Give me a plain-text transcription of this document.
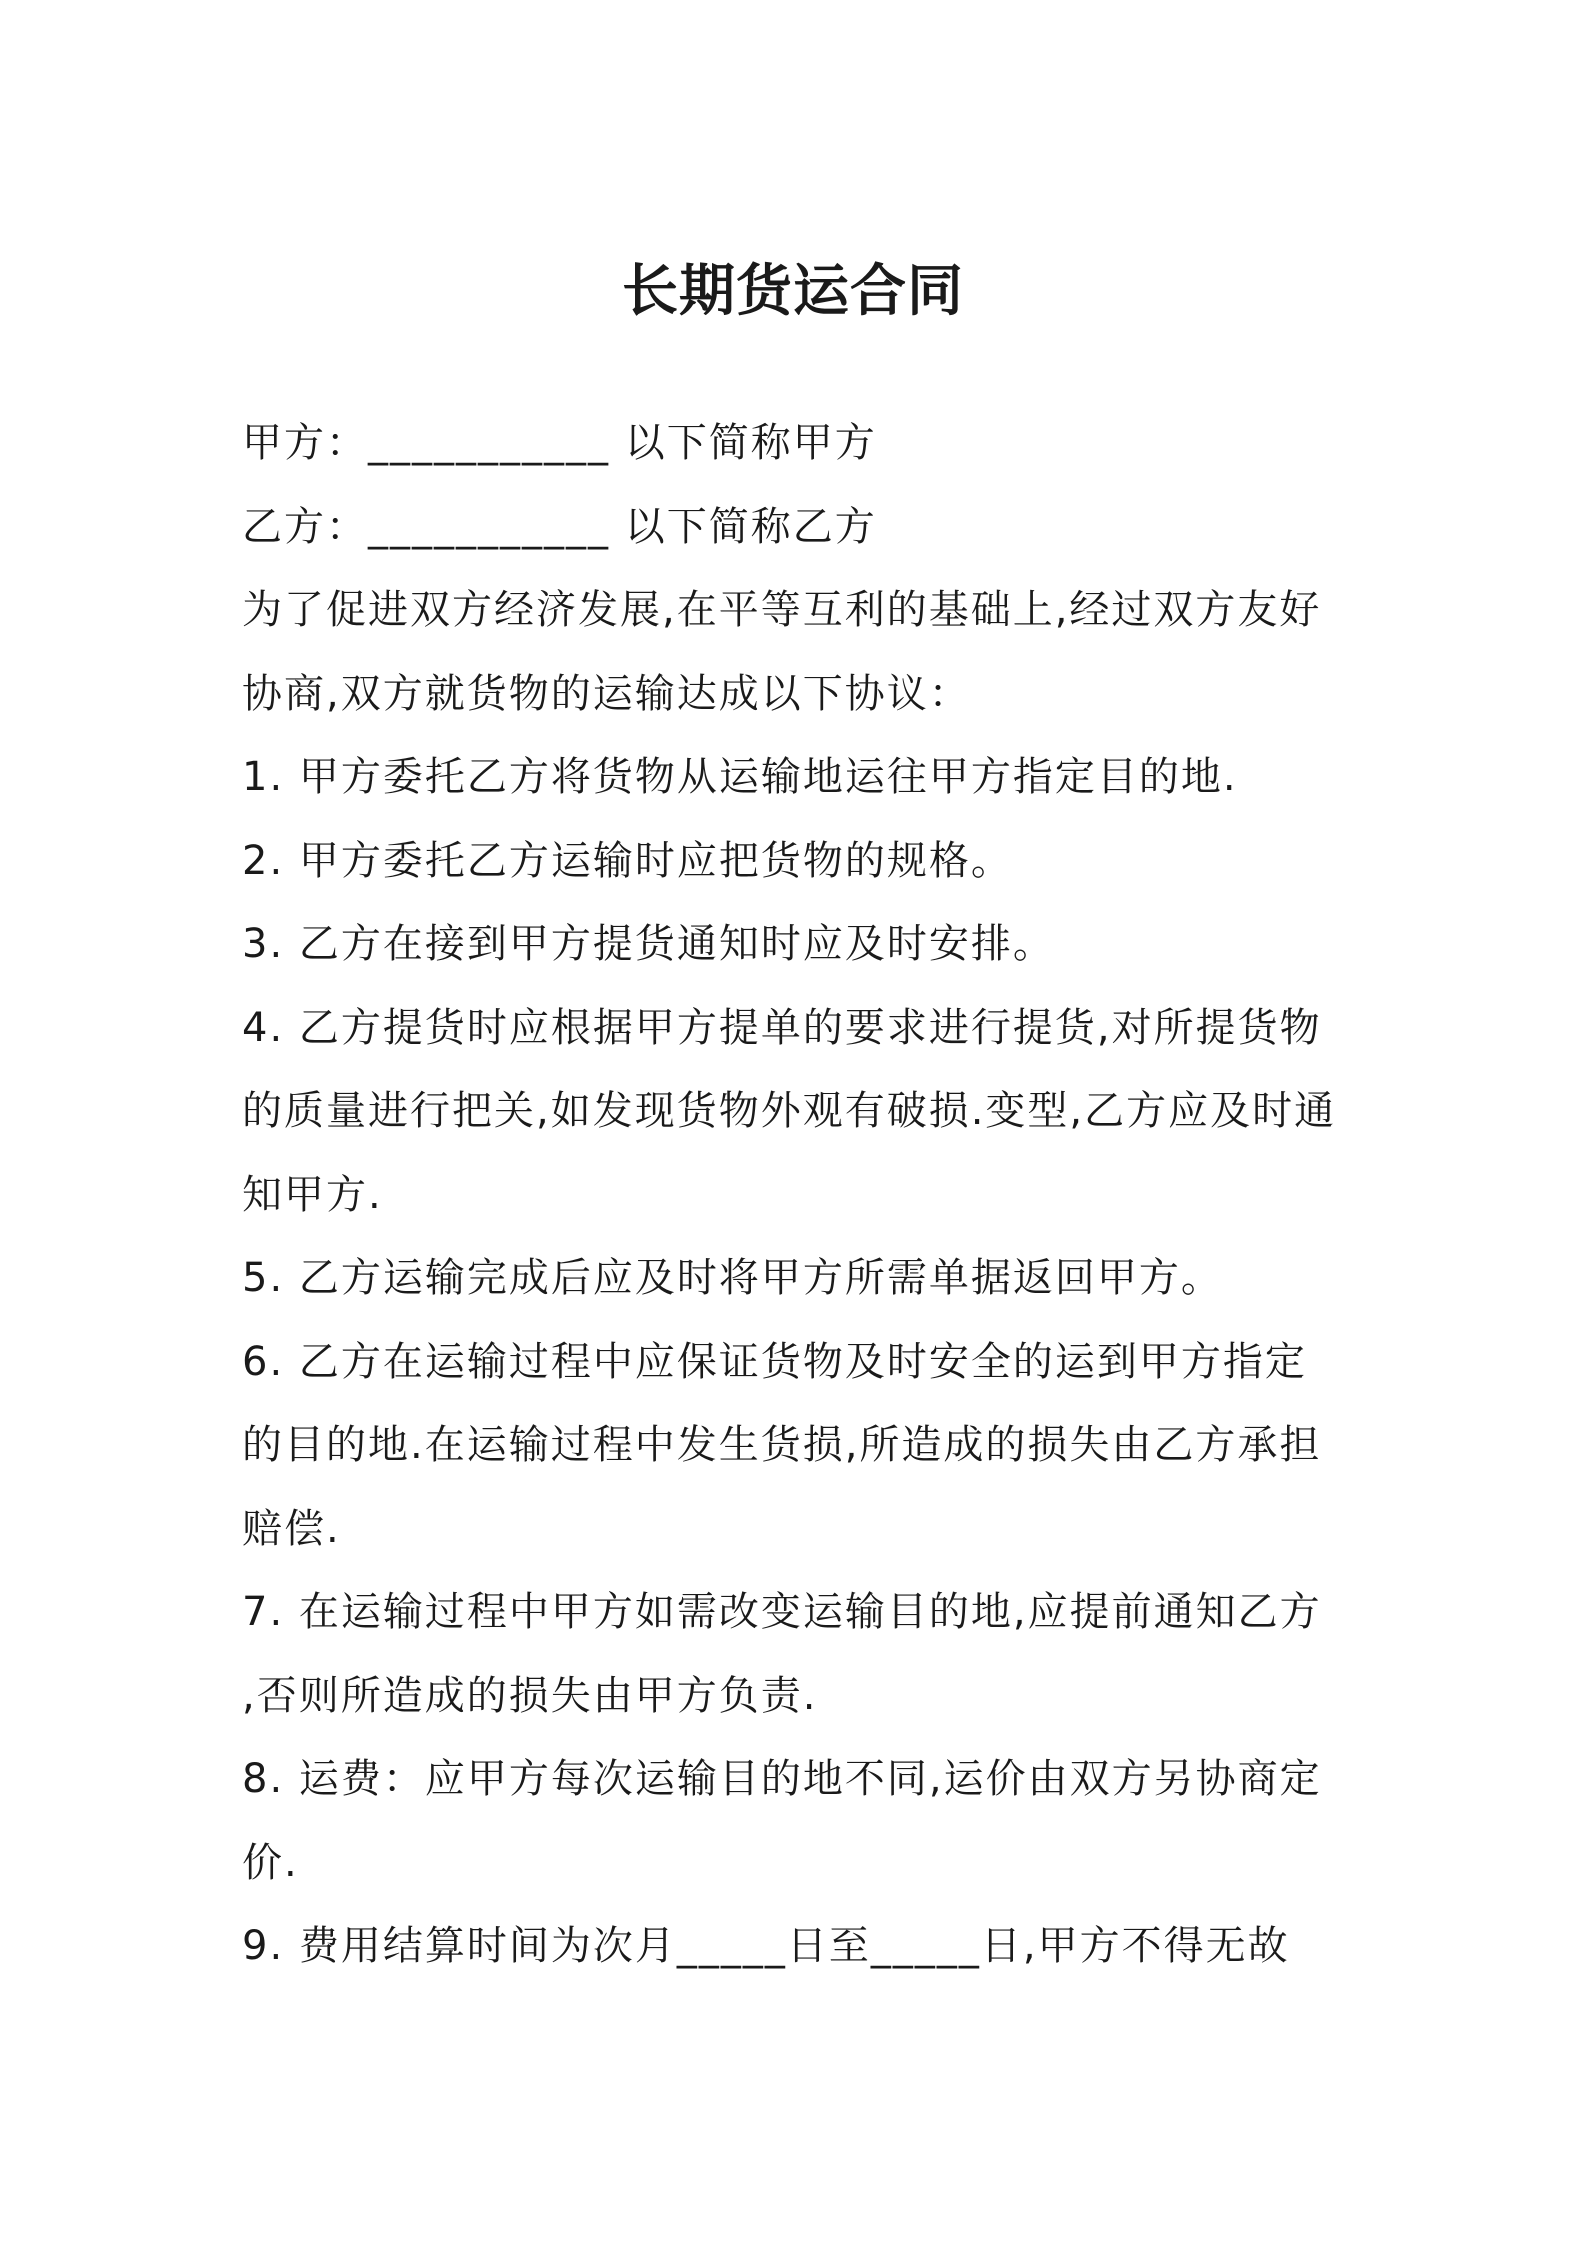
长期货运合同
甲方：___________ 以下简称甲方
乙方：___________ 以下简称乙方
为了促进双方经济发展,在平等互利的基础上,经过双方友好
协商,双方就货物的运输达成以下协议：
1. 甲方委托乙方将货物从运输地运往甲方指定目的地.
2. 甲方委托乙方运输时应把货物的规格。
3. 乙方在接到甲方提货通知时应及时安排。
4. 乙方提货时应根据甲方提单的要求进行提货,对所提货物
的质量进行把关,如发现货物外观有破损.变型,乙方应及时通
知甲方.
5. 乙方运输完成后应及时将甲方所需单据返回甲方。
6. 乙方在运输过程中应保证货物及时安全的运到甲方指定
的目的地.在运输过程中发生货损,所造成的损失由乙方承担
赔偿.
7. 在运输过程中甲方如需改变运输目的地,应提前通知乙方
,否则所造成的损失由甲方负责.
8. 运费：应甲方每次运输目的地不同,运价由双方另协商定
价.
9. 费用结算时间为次月_____日至_____日,甲方不得无故
